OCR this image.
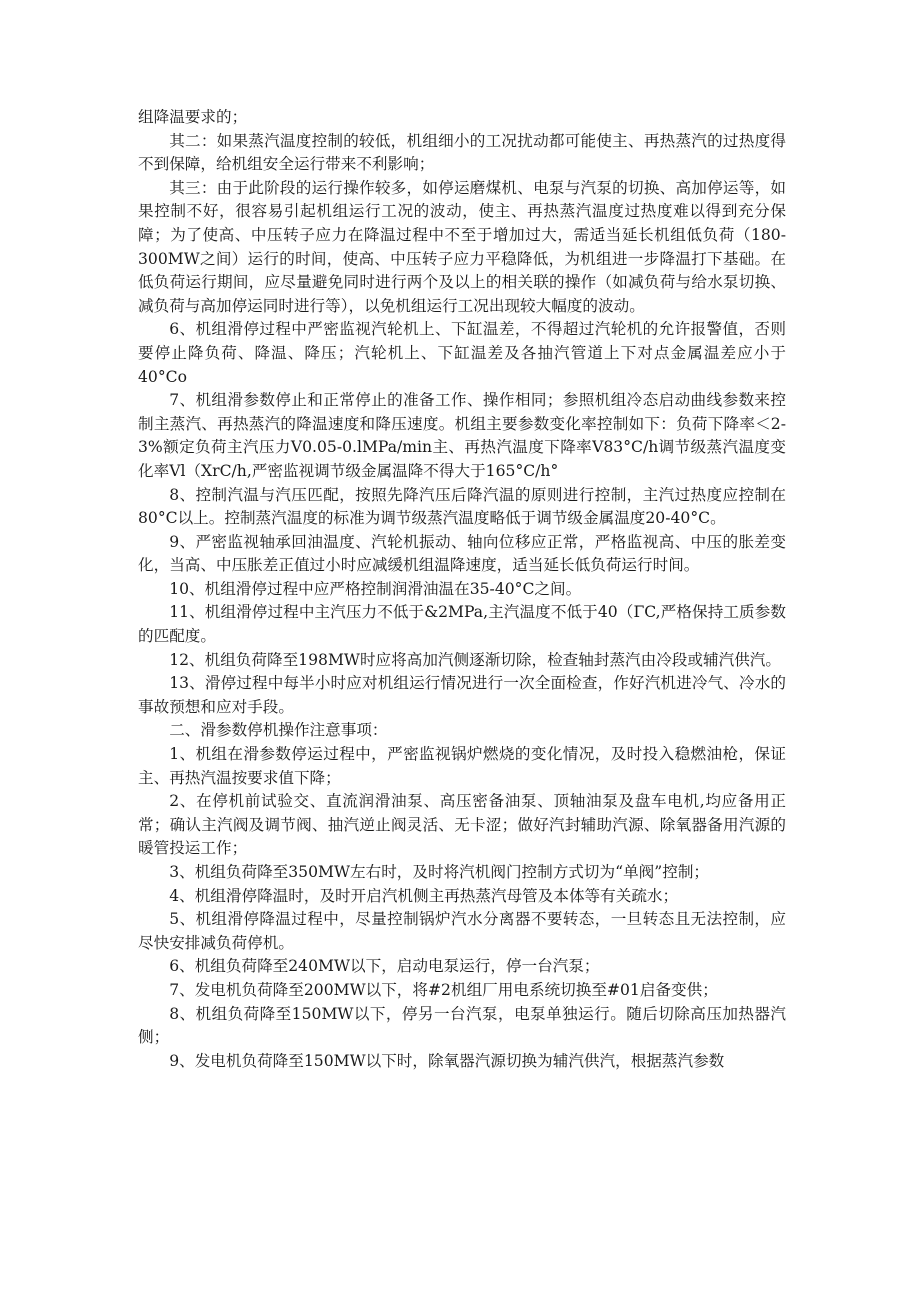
组降温要求的；

其二：如果蒸汽温度控制的较低，机组细小的工况扰动都可能使主、再热蒸汽的过热度得不到保障，给机组安全运行带来不利影响；

其三：由于此阶段的运行操作较多，如停运磨煤机、电泵与汽泵的切换、高加停运等，如果控制不好，很容易引起机组运行工况的波动，使主、再热蒸汽温度过热度难以得到充分保障；为了使高、中压转子应力在降温过程中不至于增加过大，需适当延长机组低负荷（180-300MW之间）运行的时间，使高、中压转子应力平稳降低，为机组进一步降温打下基础。在低负荷运行期间，应尽量避免同时进行两个及以上的相关联的操作（如减负荷与给水泵切换、减负荷与高加停运同时进行等），以免机组运行工况出现较大幅度的波动。

6、机组滑停过程中严密监视汽轮机上、下缸温差，不得超过汽轮机的允许报警值，否则要停止降负荷、降温、降压；汽轮机上、下缸温差及各抽汽管道上下对点金属温差应小于40°Co

7、机组滑参数停止和正常停止的准备工作、操作相同；参照机组冷态启动曲线参数来控制主蒸汽、再热蒸汽的降温速度和降压速度。机组主要参数变化率控制如下：负荷下降率＜2-3%额定负荷主汽压力V0.05-0.lMPa/min主、再热汽温度下降率V83°C∕h调节级蒸汽温度变化率Vl（XrC∕h,严密监视调节级金属温降不得大于165°C∕h°

8、控制汽温与汽压匹配，按照先降汽压后降汽温的原则进行控制，主汽过热度应控制在80°C以上。控制蒸汽温度的标准为调节级蒸汽温度略低于调节级金属温度20-40°C。

9、严密监视轴承回油温度、汽轮机振动、轴向位移应正常，严格监视高、中压的胀差变化，当高、中压胀差正值过小时应减缓机组温降速度，适当延长低负荷运行时间。

10、机组滑停过程中应严格控制润滑油温在35-40°C之间。

11、机组滑停过程中主汽压力不低于&2MPa,主汽温度不低于40（ΓC,严格保持工质参数的匹配度。

12、机组负荷降至198MW时应将高加汽侧逐渐切除，检查轴封蒸汽由冷段或辅汽供汽。

13、滑停过程中每半小时应对机组运行情况进行一次全面检查，作好汽机进冷气、冷水的事故预想和应对手段。

二、滑参数停机操作注意事项：

1、机组在滑参数停运过程中，严密监视锅炉燃烧的变化情况，及时投入稳燃油枪，保证主、再热汽温按要求值下降；

2、在停机前试验交、直流润滑油泵、高压密备油泵、顶轴油泵及盘车电机,均应备用正常；确认主汽阀及调节阀、抽汽逆止阀灵活、无卡涩；做好汽封辅助汽源、除氧器备用汽源的暖管投运工作；

3、机组负荷降至350MW左右时，及时将汽机阀门控制方式切为“单阀”控制；

4、机组滑停降温时，及时开启汽机侧主再热蒸汽母管及本体等有关疏水；

5、机组滑停降温过程中，尽量控制锅炉汽水分离器不要转态，一旦转态且无法控制，应尽快安排减负荷停机。

6、机组负荷降至240MW以下，启动电泵运行，停一台汽泵；

7、发电机负荷降至200MW以下，将#2机组厂用电系统切换至#01启备变供；

8、机组负荷降至150MW以下，停另一台汽泵，电泵单独运行。随后切除高压加热器汽侧；

9、发电机负荷降至150MW以下时，除氧器汽源切换为辅汽供汽，根据蒸汽参数
